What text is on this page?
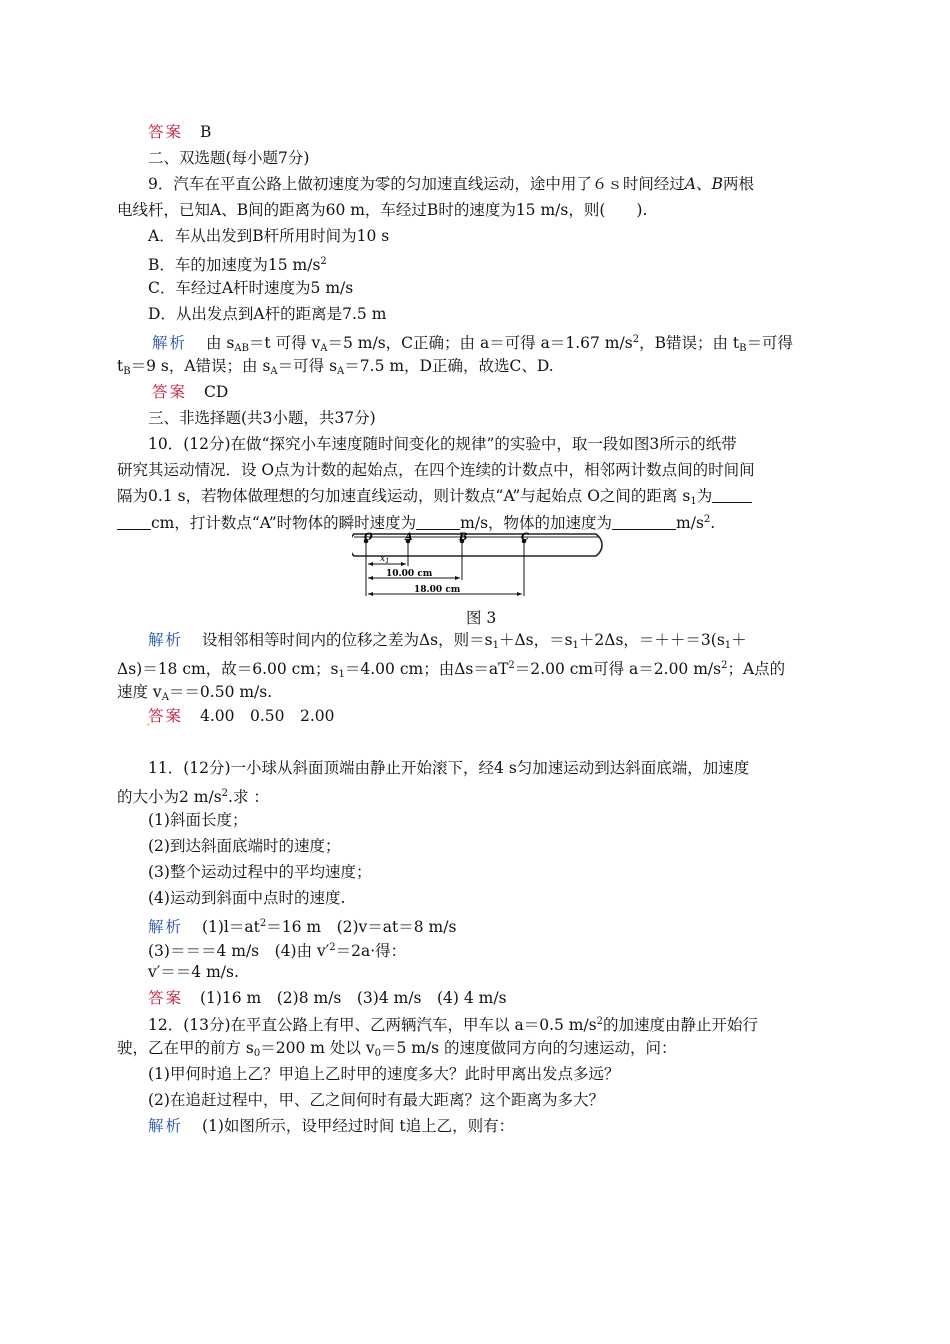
答案 B
二、双选题(每小题7分)
9．汽车在平直公路上做初速度为零的匀加速直线运动，途中用了６ｓ时间经过A、B两根
电线杆，已知A、B间的距离为60 m，车经过B时的速度为15 m/s，则(　　).
A．车从出发到B杆所用时间为10 s
B．车的加速度为15 $m/s^2$
C．车经过A杆时速度为5 m/s
D．从出发点到A杆的距离是7.5 m
解析 由 $s_{AB}=t$ 可得 $v_A=5$ m/s，C正确；由 a＝可得 a＝1.67 $m/s^2$，B错误；由 $t_B=$可得
$t_B=9$ s，A错误；由 $s_A=$可得 $s_A=7.5$ m，D正确，故选C、D.
答案 CD
三、非选择题(共3小题，共37分)
10．(12分)在做“探究小车速度随时间变化的规律”的实验中，取一段如图3所示的纸带
研究其运动情况．设 O点为计数的起始点，在四个连续的计数点中，相邻两计数点间的时间间
隔为0.1 s，若物体做理想的匀加速直线运动，则计数点“A”与起始点 O之间的距离 $s_1$为
cm，打计数点“A”时物体的瞬时速度为	m/s，物体的加速度为	$m/s^2$.
O	A	B	C
$x_1$
10.00 cm
18.00 cm
图 3
解析 设相邻相等时间内的位移之差为Δs，则$=s_1+\Delta s$，$=s_1+2\Delta s$，$=++=3(s_1+$
Δs)＝18 cm，故＝6.00 cm；$s_1=4.00$ cm；由$\Delta s=aT^2=2.00$ cm可得 a＝2.00 $m/s^2$；A点的
速度 $v_A==0.50$ m/s.
答案 4.00　0.50　2.00
ˉ
11．(12分)一小球从斜面顶端由静止开始滚下，经4 s匀加速运动到达斜面底端，加速度
的大小为2 $m/s^2$.求 ：
(1)斜面长度；
(2)到达斜面底端时的速度；
(3)整个运动过程中的平均速度；
(4)运动到斜面中点时的速度.
解析 $(1)l=at^2=16$ m　(2)v＝at＝8 m/s
(3)＝＝＝4 m/s　(4)由 $v'^2=2a\cdot$得：
v′＝＝4 m/s.
答案 (1)16 m　(2)8 m/s　(3)4 m/s　(4) 4 m/s
12．(13分)在平直公路上有甲、乙两辆汽车，甲车以 a＝0.5 $m/s^2$的加速度由静止开始行
驶，乙在甲的前方 $s_0=200$ m 处以 $v_0=5$ m/s 的速度做同方向的匀速运动，问：
(1)甲何时追上乙？甲追上乙时甲的速度多大？此时甲离出发点多远？
(2)在追赶过程中，甲、乙之间何时有最大距离？这个距离为多大？
解析 (1)如图所示，设甲经过时间 t追上乙，则有：
